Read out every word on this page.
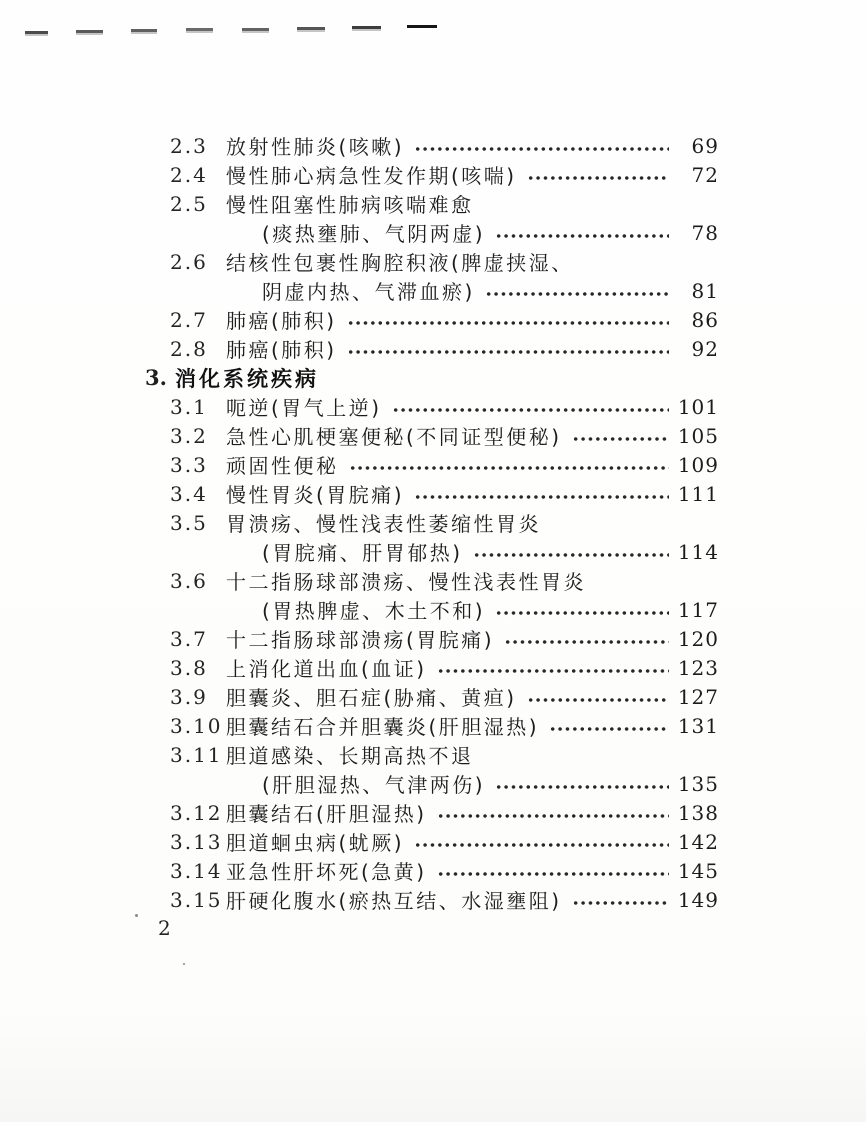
2.3 放射性肺炎(咳嗽)	69
2.4 慢性肺心病急性发作期(咳喘)	72
2.5 慢性阻塞性肺病咳喘难愈
(痰热壅肺、气阴两虚)	78
2.6 结核性包裹性胸腔积液(脾虚挟湿、
阴虚内热、气滞血瘀)	81
2.7 肺癌(肺积)	86
2.8 肺癌(肺积)	92
3. 消化系统疾病
3.1 呃逆(胃气上逆)	101
3.2 急性心肌梗塞便秘(不同证型便秘)	105
3.3 顽固性便秘	109
3.4 慢性胃炎(胃脘痛)	111
3.5 胃溃疡、慢性浅表性萎缩性胃炎
(胃脘痛、肝胃郁热)	114
3.6 十二指肠球部溃疡、慢性浅表性胃炎
(胃热脾虚、木土不和)	117
3.7 十二指肠球部溃疡(胃脘痛)	120
3.8 上消化道出血(血证)	123
3.9 胆囊炎、胆石症(胁痛、黄疸)	127
3.10 胆囊结石合并胆囊炎(肝胆湿热)	131
3.11 胆道感染、长期高热不退
(肝胆湿热、气津两伤)	135
3.12 胆囊结石(肝胆湿热)	138
3.13 胆道蛔虫病(蚘厥)	142
3.14 亚急性肝坏死(急黄)	145
3.15 肝硬化腹水(瘀热互结、水湿壅阻)	149
2
